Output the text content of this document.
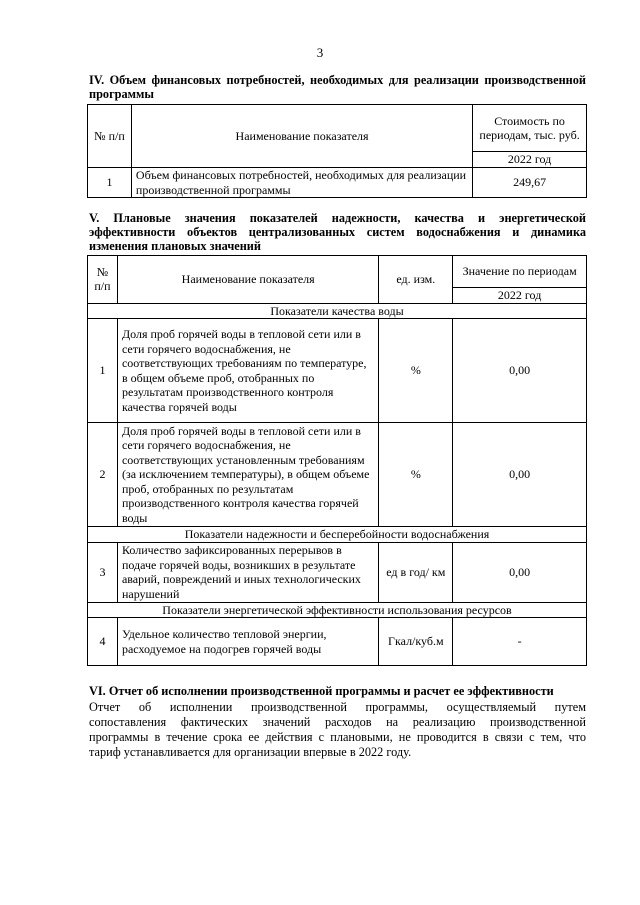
3
IV. Объем финансовых потребностей, необходимых для реализации производственной программы
№ п/п	Наименование показателя	Стоимость по периодам, тыс. руб.
		2022 год
1	Объем финансовых потребностей, необходимых для реализации производственной программы	249,67
V. Плановые значения показателей надежности, качества и энергетической эффективности объектов централизованных систем водоснабжения и динамика изменения плановых значений
№ п/п	Наименование показателя	ед. изм.	Значение по периодам
			2022 год
Показатели качества воды			
1	Доля проб горячей воды в тепловой сети или в сети горячего водоснабжения, не соответствующих требованиям по температуре, в общем объеме проб, отобранных по результатам производственного контроля качества горячей воды	%	0,00
2	Доля проб горячей воды в тепловой сети или в сети горячего водоснабжения, не соответствующих установленным требованиям (за исключением температуры), в общем объеме проб, отобранных по результатам производственного контроля качества горячей воды	%	0,00
Показатели надежности и бесперебойности водоснабжения			
3	Количество зафиксированных перерывов в подаче горячей воды, возникших в результате аварий, повреждений и иных технологических нарушений	ед в год/ км	0,00
Показатели энергетической эффективности использования ресурсов			
4	Удельное количество тепловой энергии, расходуемое на подогрев горячей воды	Гкал/куб.м	-
VI. Отчет об исполнении производственной программы и расчет ее эффективности
Отчет об исполнении производственной программы, осуществляемый путем
сопоставления фактических значений расходов на реализацию производственной
программы в течение срока ее действия с плановыми, не проводится в связи с тем, что
тариф устанавливается для организации впервые в 2022 году.
